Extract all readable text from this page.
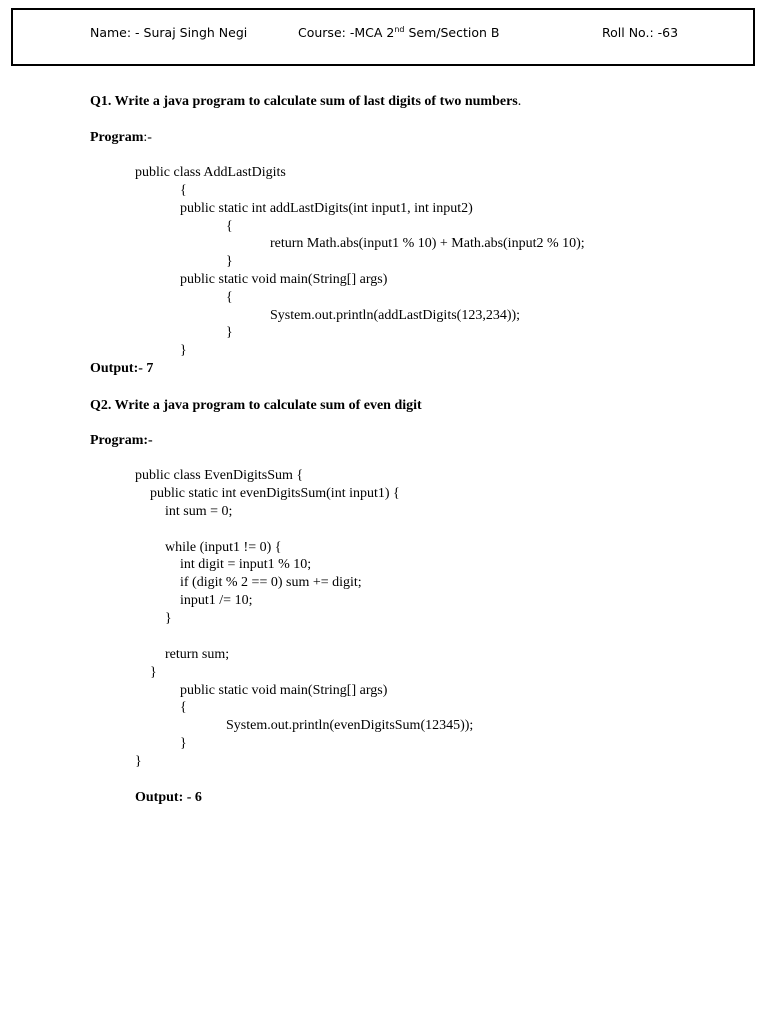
Name: - Suraj Singh Negi	Course: -MCA 2nd Sem/Section B	Roll No.: -63
Q1. Write a java program to calculate sum of last digits of two numbers.
Program:-
public class AddLastDigits
{
public static int addLastDigits(int input1, int input2)
{
return Math.abs(input1 % 10) + Math.abs(input2 % 10);
}
public static void main(String[] args)
{
System.out.println(addLastDigits(123,234));
}
}
Output:- 7
Q2. Write a java program to calculate sum of even digit
Program:-
public class EvenDigitsSum {
public static int evenDigitsSum(int input1) {
int sum = 0;
while (input1 != 0) {
int digit = input1 % 10;
if (digit % 2 == 0) sum += digit;
input1 /= 10;
}
return sum;
}
public static void main(String[] args)
{
System.out.println(evenDigitsSum(12345));
}
}
Output: - 6
